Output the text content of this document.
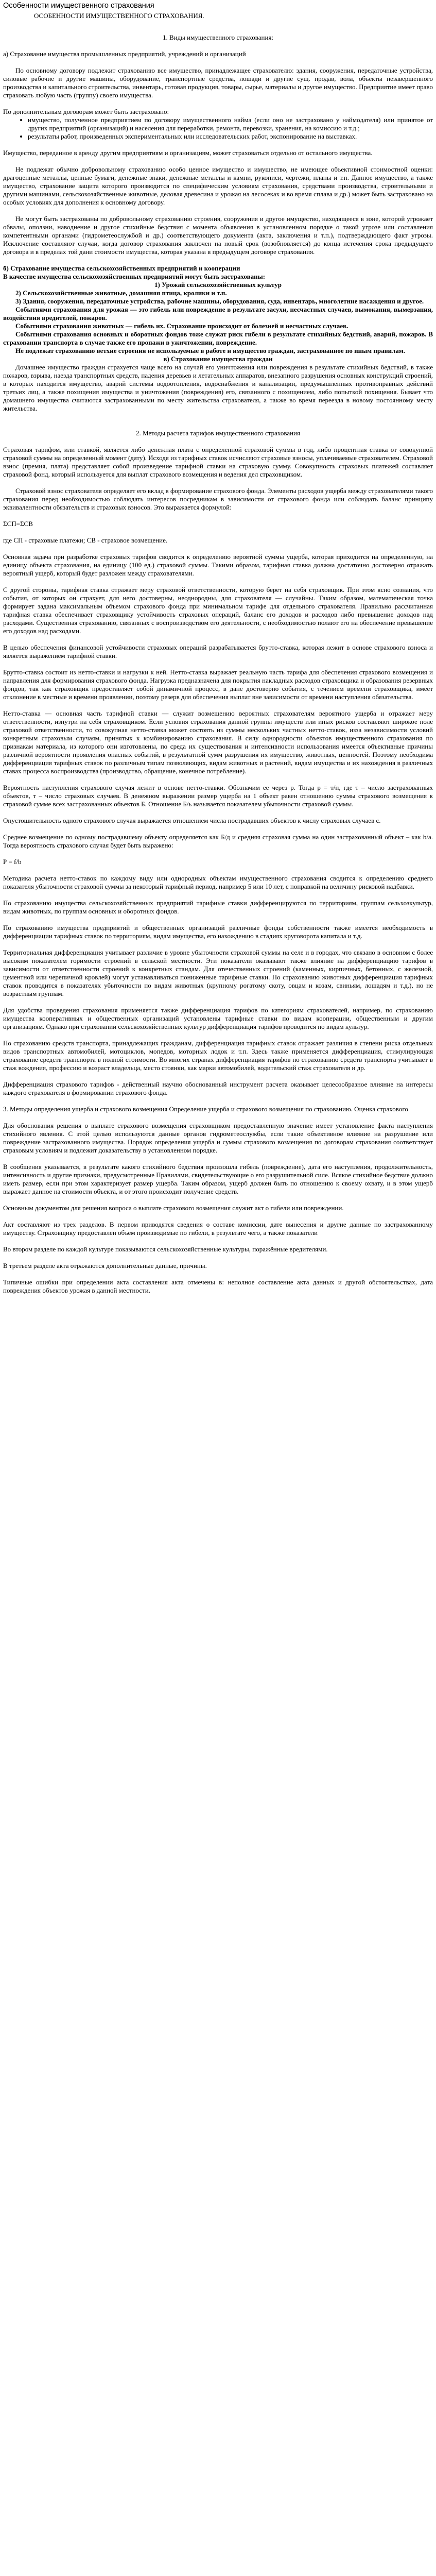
Особенности имущественного страхования
ОСОБЕННОСТИ ИМУЩЕСТВЕННОГО СТРАХОВАНИЯ.
1. Виды имущественного страхования:

а) Страхование имущества промышленных предприятий, учреждений и организаций

По основному договору подлежит страхованию все имущество, принадлежащее страхователю: здания, сооружения, передаточные устройства, силовые рабочие и другие машины, оборудование, транспортные средства, лошади и другие сущ. продав, вола, объекты незавершенного производства и капитального строительства, инвентарь, готовая продукция, товары, сырье, материалы и другое имущество. Предприятие имеет право страховать любую часть (группу) своего имущества.

По дополнительным договорам может быть застраховано:

• имущество, полученное предприятием по договору имущественного найма (если оно не застраховано у наймодателя) или принятое от других предприятий (организаций) и населения для переработки, ремонта, перевозки, хранения, на комиссию и т.д.;
• результаты работ, произведенных экспериментальных или исследовательских работ, экспонирование на выставках.

Имущество, переданное в аренду другим предприятиям и организациям, может страховаться отдельно от остального имущества.

Не подлежат обычно добровольному страхованию особо ценное имущество и имущество, не имеющее объективной стоимостной оценки: драгоценные металлы, ценные бумаги, денежные знаки, денежные металлы и камни, рукописи, чертежи, планы и т.п. Данное имущество, а также имущество, страхование защита которого производится по специфическим условиям страхования, средствами производства, строительными и другими машинами, сельскохозяйственные животные, деловая древесина и урожая на лесосеках и во время сплава и др.) может быть застраховано на особых условиях для дополнения к основному договору.

Не могут быть застрахованы по добровольному страхованию строения, сооружения и другое имущество, находящееся в зоне, которой угрожает обвалы, оползни, наводнение и другое стихийные бедствия с момента объявления в установленном порядке о такой угрозе или составления компетентными органами (гидрометеослужбой и др.) соответствующего документа (акта, заключения и т.п.), подтверждающего факт угрозы. Исключение составляют случаи, когда договор страхования заключен на новый срок (возобновляется) до конца истечения срока предыдущего договора и в пределах той дани стоимости имущества, которая указана в предыдущем договоре страхования.

б) Страхование имущества сельскохозяйственных предприятий и кооперации

В качестве имущества сельскохозяйственных предприятий могут быть застрахованы:

1) Урожай сельскохозяйственных культур

2) Сельскохозяйственные животные, домашняя птица, кролики и т.п.

3) Здания, сооружения, передаточные устройства, рабочие машины, оборудования, суда, инвентарь, многолетние насаждения и другое.

Событиями страхования для урожая — это гибель или повреждение в результате засухи, несчастных случаев, вымокания, вымерзания, воздействия вредителей, пожаров.

Событиями страхования животных — гибель их. Страхование происходит от болезней и несчастных случаев.

Событиями страхования основных и оборотных фондов тоже служат риск гибели в результате стихийных бедствий, аварий, пожаров. В страховании транспорта в случае также его пропажи в ужичтожении, повреждение.

Не подлежат страхованию ветхие строения не используемые в работе и имущество граждан, застрахованное по иным правилам.

в) Страхование имущества граждан

Домашнее имущество граждан страхуется чаще всего на случай его уничтожения или повреждения в результате стихийных бедствий, в также пожаров, взрыва, наезда транспортных средств, падения деревьев и летательных аппаратов, внезапного разрушения основных конструкций строений, в которых находится имущество, аварий системы водоотопления, водоснабжения и канализации, предумышленных противоправных действий третьих лиц, а также похищения имущества и уничтожения (повреждения) его, связанного с похищением, либо попыткой похищения. Бывает что домашнего имущества считаются застрахованными по месту жительства страхователя, а также во время переезда в новому постоянному месту жительства.

2. Методы расчета тарифов имущественного страхования

Страховая тарифом, или ставкой, является либо денежная плата с определенной страховой суммы в год, либо процентная ставка от совокупной страховой суммы на определенный момент (дату). Исходя из тарифных ставок исчисляют страховые взносы, уплачиваемые страхователем. Страховой взнос (премия, плата) представляет собой произведение тарифной ставки на страховую сумму. Совокупность страховых платежей составляет страховой фонд, который используется для выплат страхового возмещения и ведения дел страховщиком.

Страховой взнос страхователя определяет его вклад в формирование страхового фонда. Элементы расходов ущерба между страхователями такого страхования перед необходимостью соблюдать интересов посредникам в зависимости от страхового фонда или соблюдать баланс принципу эквивалентности обязательств и страховых взносов. Это выражается формулой:

ΣСП=ΣСВ

где СП - страховые платежи; СВ - страховое возмещение.

Основная задача при разработке страховых тарифов сводится к определению вероятной суммы ущерба, которая приходится на определенную, на единицу объекта страхования, на единицу (100 ед.) страховой суммы. Такими образом, тарифная ставка должна достаточно достоверно отражать вероятный ущерб, который будет разложен между страхователями.

С другой стороны, тарифная ставка отражает меру страховой ответственности, которую берет на себя страховщик. При этом ясно сознания, что события, от которых он страхует, для него достоверны, неоднородны, для страхователя — случайны. Таким образом, математическая точка формирует задана максимальным объемом страхового фонда при минимальном тарифе для отдельного страхователя. Правильно рассчитанная тарифная ставка обеспечивает страховщику устойчивость страховых операций, баланс его доходов и расходов либо превышение доходов над расходами. Существенная страхованию, связанных с воспроизводством его деятельности, с необходимостью полают его на обеспечение превышение его доходов над расходами.

В целью обеспечения финансовой устойчивости страховых операций разрабатывается брутто-ставка, которая лежит в основе страхового взноса и является выражением тарифной ставки.

Брутто-ставка состоит из нетто-ставки и нагрузки к ней. Нетто-ставка выражает реальную часть тарифа для обеспечения страхового возмещения и направления для формирования страхового фонда. Нагрузка предназначена для покрытия накладных расходов страховщика и образования резервных фондов, так как страховщик предоставляет собой динамичной процесс, в дане достоверно события, с течением времени страховщика, имеет отклонение в местные и времени проявлении, поэтому резерв для обеспечения выплат вне зависимости от времени наступления обязательства.

Нетто-ставка — основная часть тарифной ставки — служит возмещению вероятных страхователям вероятного ущерба и отражает меру ответственности, изнутри на себя страховщиком. Если условия страхования данной группы имуществ или иных рисков составляют широкое поле страховой ответственности, то совокупная нетто-ставка может состоять из суммы нескольких частных нетто-ставок, изза независимости условий конкретным страховым случаям, принятых к комбинированию страхования. В силу однородности объектов имущественного страхования по признакам материала, из которого они изготовлены, по среда их существования и интенсивности использования имеется объективные причины различной вероятности проявления опасных событий, в результатной сумм разрушения их имущество, животных, ценностей. Поэтому необходима дифференциация тарифных ставок по различным типам позволяющих, видам животных и растений, видам имущества и их нахождения в различных ставах процесса воспроизводства (производство, обращение, конечное потребление).

Вероятность наступления страхового случая лежит в основе нетто-ставки. Обозначим ее через р. Тогда р = т/п, где т – число застрахованных объектов, т – число страховых случаев. В денежном выражении размер ущерба на 1 объект равен отношению суммы страхового возмещения к страховой сумме всех застрахованных объектов Б. Отношение Б/ь называется показателем убыточности страховой суммы.

Опустошительность одного страхового случая выражается отношением числа пострадавших объектов к числу страховых случаев с.

Среднее возмещение по одному пострадавшему объекту определяется как Б/д и средняя страховая сумма на один застрахованный объект – как b/a. Тогда вероятность страхового случая будет быть выражено:

Р = f/b

Методика расчета нетто-ставок по каждому виду или однородных объектам имущественного страхования сводится к определению среднего показателя убыточности страховой суммы за некоторый тарифный период, например 5 или 10 лет, с поправкой на величину рисковой надбавки.

По страхованию имущества сельскохозяйственных предприятий тарифные ставки дифференцируются по территориям, группам сельхозкультур, видам животных, по группам основных и оборотных фондов.

По страхованию имущества предприятий и общественных организаций различные фонды собственности также имеется необходимость в дифференциации тарифных ставок по территориям, видам имущества, его нахождению в стадиях круговорота капитала и т.д.

Территориальная дифференциация учитывает различие в уровне убыточности страховой суммы на селе и в городах, что связано в основном с более высоким показателем горимости строений в сельской местности. Эти показатели оказывают также влияние на дифференциацию тарифов в зависимости от ответственности строений к конкретных стандам. Для отечественных строений (каменных, кирпичных, бетонных, с железной, цементной или черепичной кровлей) могут устанавливаться пониженные тарифные ставки. По страхованию животных дифференциация тарифных ставок проводится в показателях убыточности по видам животных (крупному рогатому скоту, овцам и козам, свиньям, лошадям и т.д.), но не возрастным группам.

Для удобства проведения страхования применяется также дифференциация тарифов по категориям страхователей, например, по страхованию имущества кооперативных и общественных организаций установлены тарифные ставки по видам кооперации, общественным и другим организациям. Однако при страховании сельскохозяйственных культур дифференциация тарифов проводится по видам культур.

По страхованию средств транспорта, принадлежащих гражданам, дифференциация тарифных ставок отражает различия в степени риска отдельных видов транспортных автомобилей, мотоциклов, мопедов, моторных лодок и т.п. Здесь также применяется дифференциация, стимулирующая страхование средств транспорта в полной стоимости. Во многих странах дифференциация тарифов по страхованию средств транспорта учитывает в стаж вождения, профессию и возраст владельца, место стоянки, как марки автомобилей, водительский стаж страхователя и др.

Дифференциация страхового тарифов - действенный научно обоснованный инструмент расчета оказывает целесообразное влияние на интересы каждого страхователя в формировании страхового фонда.

3. Методы определения ущерба и страхового возмещения Определение ущерба и страхового возмещения по страхованию. Оценка страхового

Для обоснования решения о выплате страхового возмещения страховщиком предоставленную значение имеет установление факта наступления стихийного явления. С этой целью используются данные органов гидрометеослужбы, если такие объективное влияние на разрушение или повреждение застрахованного имущества. Порядок определения ущерба и суммы страхового возмещения по договорам страхования соответствует страховым условиям и подлежит доказательству в установленном порядке.

В сообщения указывается, в результате какого стихийного бедствия произошла гибель (повреждение), дата его наступления, продолжительность, интенсивность и другие признаки, предусмотренные Правилами, свидетельствующие о его разрушительной силе. Всякое стихийное бедствие должно иметь размер, если при этом характеризует размер ущерба. Таким образом, ущерб должен быть по отношению к своему охвату, и в этом ущерб выражает данное на стоимости объекта, и от этого происходит получение средств.

Основным документом для решения вопроса о выплате страхового возмещения служит акт о гибели или повреждении.

Акт составляют из трех разделов. В первом приводятся сведения о составе комиссии, дате вынесения и другие данные по застрахованному имуществу. Страховщику предоставлен объем производимые по гибели, в результате чего, а также показатели

Во втором разделе по каждой культуре показываются сельскохозяйственные культуры, поражённые вредителями.

В третьем разделе акта отражаются дополнительные данные, причины.

Типичные ошибки при определении акта составления акта отмечены в: неполное составление акта данных и другой обстоятельствах, дата повреждения объектов урожая в данной местности.
